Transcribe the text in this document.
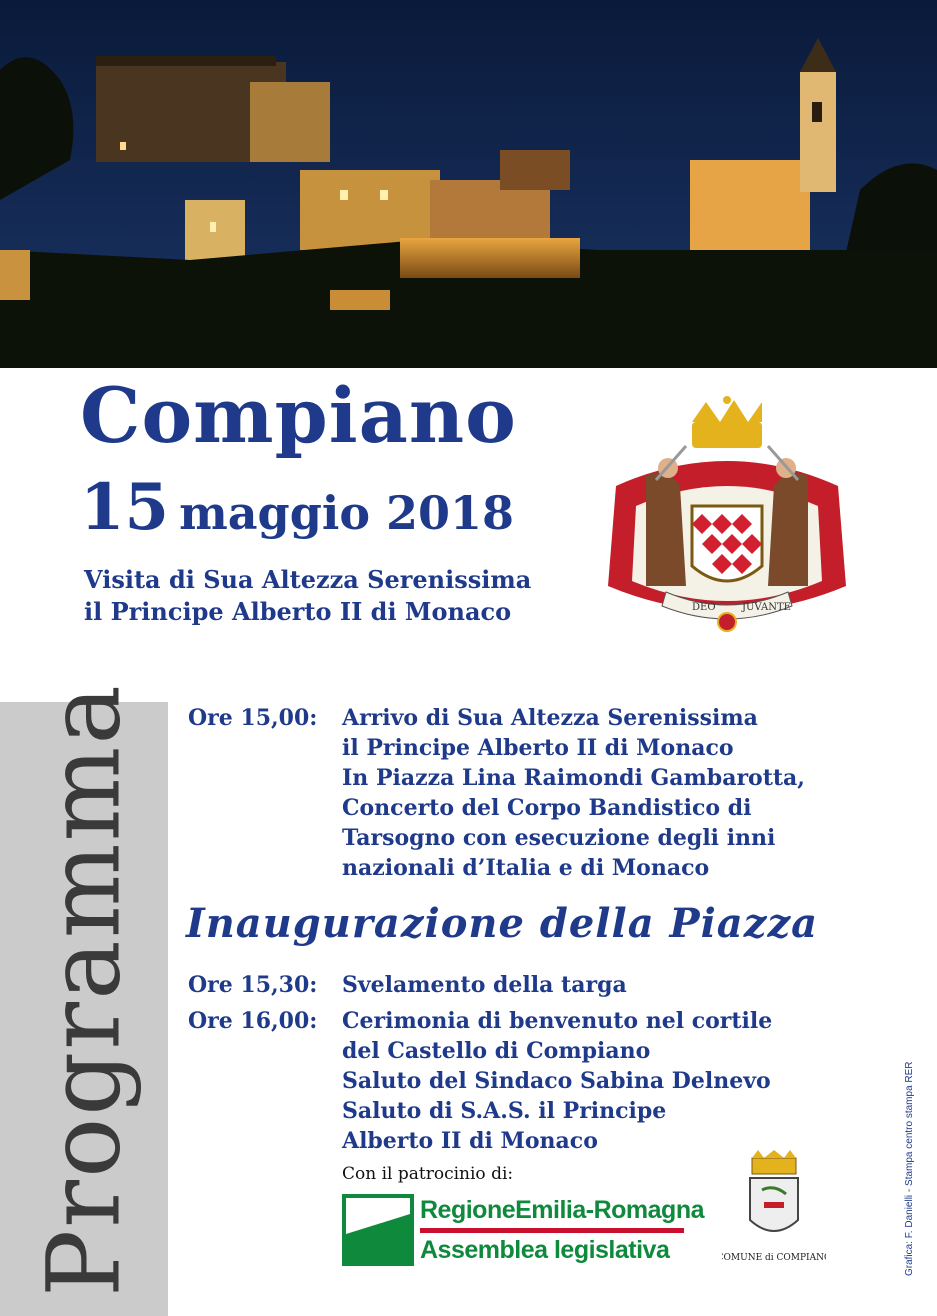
Compiano
15 maggio 2018
Visita di Sua Altezza Serenissima
il Principe Alberto II di Monaco	DEO	JUVANTE
Programma Ore 15,00:	Arrivo di Sua Altezza Serenissima
il Principe Alberto II di Monaco
In Piazza Lina Raimondi Gambarotta,
Concerto del Corpo Bandistico di
Tarsogno con esecuzione degli inni
nazionali d’Italia e di Monaco
Inaugurazione della Piazza
Ore 15,30:	Svelamento della targa
Ore 16,00:	Cerimonia di benvenuto nel cortile
del Castello di Compiano
Saluto del Sindaco Sabina Delnevo
Saluto di S.A.S. il Principe
Alberto II di Monaco
Con il patrocinio di:
RegioneEmilia-Romagna
Assemblea legislativa	COMUNE di COMPIANO	Grafica: F. Danielli - Stampa centro stampa RER
